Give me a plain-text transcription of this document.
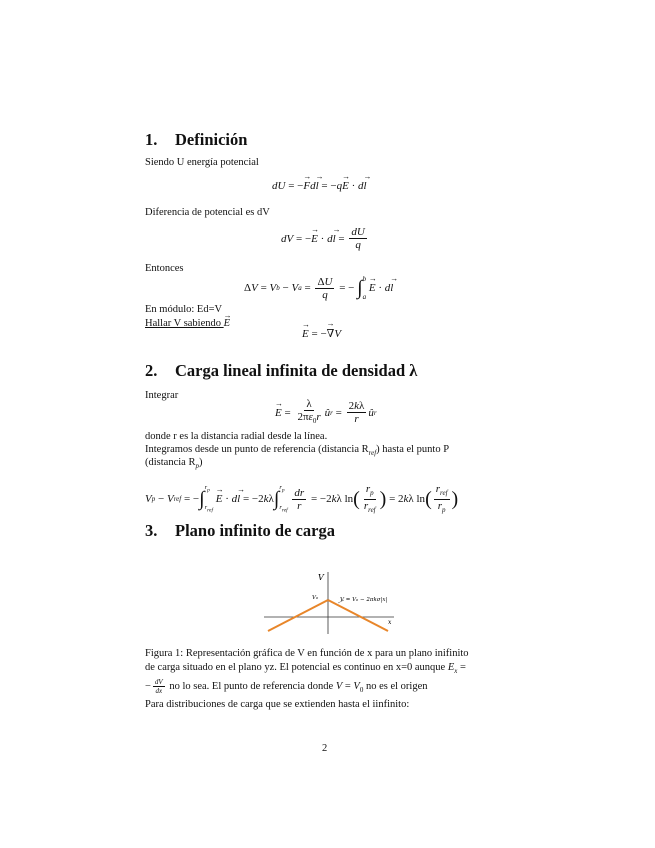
1. Definición
Siendo U energía potencial
dU = −
→ F d
→ l = − q
→ E · d
→ l
Diferencia de potencial es dV
dV = −
→ E · d
→ $l = \frac{dU}{q}$
Entonces
Δ V = V b − V $a = \frac{\Delta U}{q}$ = − ∫ b
a

→ E · d
→ l
En módulo: Ed=V
Hallar V sabiendo → E
→ E = −
→ ∇ V
2. Carga lineal infinita de densidad λ
Integrar
→ $E = \frac{\lambda}{2\pi\varepsilon_0r}$ û $r = \frac{2k\lambda}{r}$ û r
donde r es la distancia radial desde la línea.
Integramos desde un punto de referencia (distancia $R_{ref}$) hasta el punto P
(distancia $R_p$)
V p − V ref = − ∫
$r_p$
$r_{ref}$

→ E · d
→ l = −2 k λ ∫
$r_p$
$r_{ref}$
$\frac{dr}{r} = -2$ k λ ln ( $\frac{r_p}{r_{ref}}$ ) = 2 k λ ln ( $\frac{r_{ref}}{r_p}$ )
3. Plano infinito de carga
V
x
V₀	V = V₀ − 2πkσ|x|
Figura 1: Representación gráfica de V en función de x para un plano inifinito
de carga situado en el plano yz. El potencial es continuo en x=0 aunque $E_x$ =
− $\frac{dV}{dx}$ no lo sea. El punto de referencia donde $V = V_0$ no es el origen
Para distribuciones de carga que se extienden hasta el iinfinito:
2
